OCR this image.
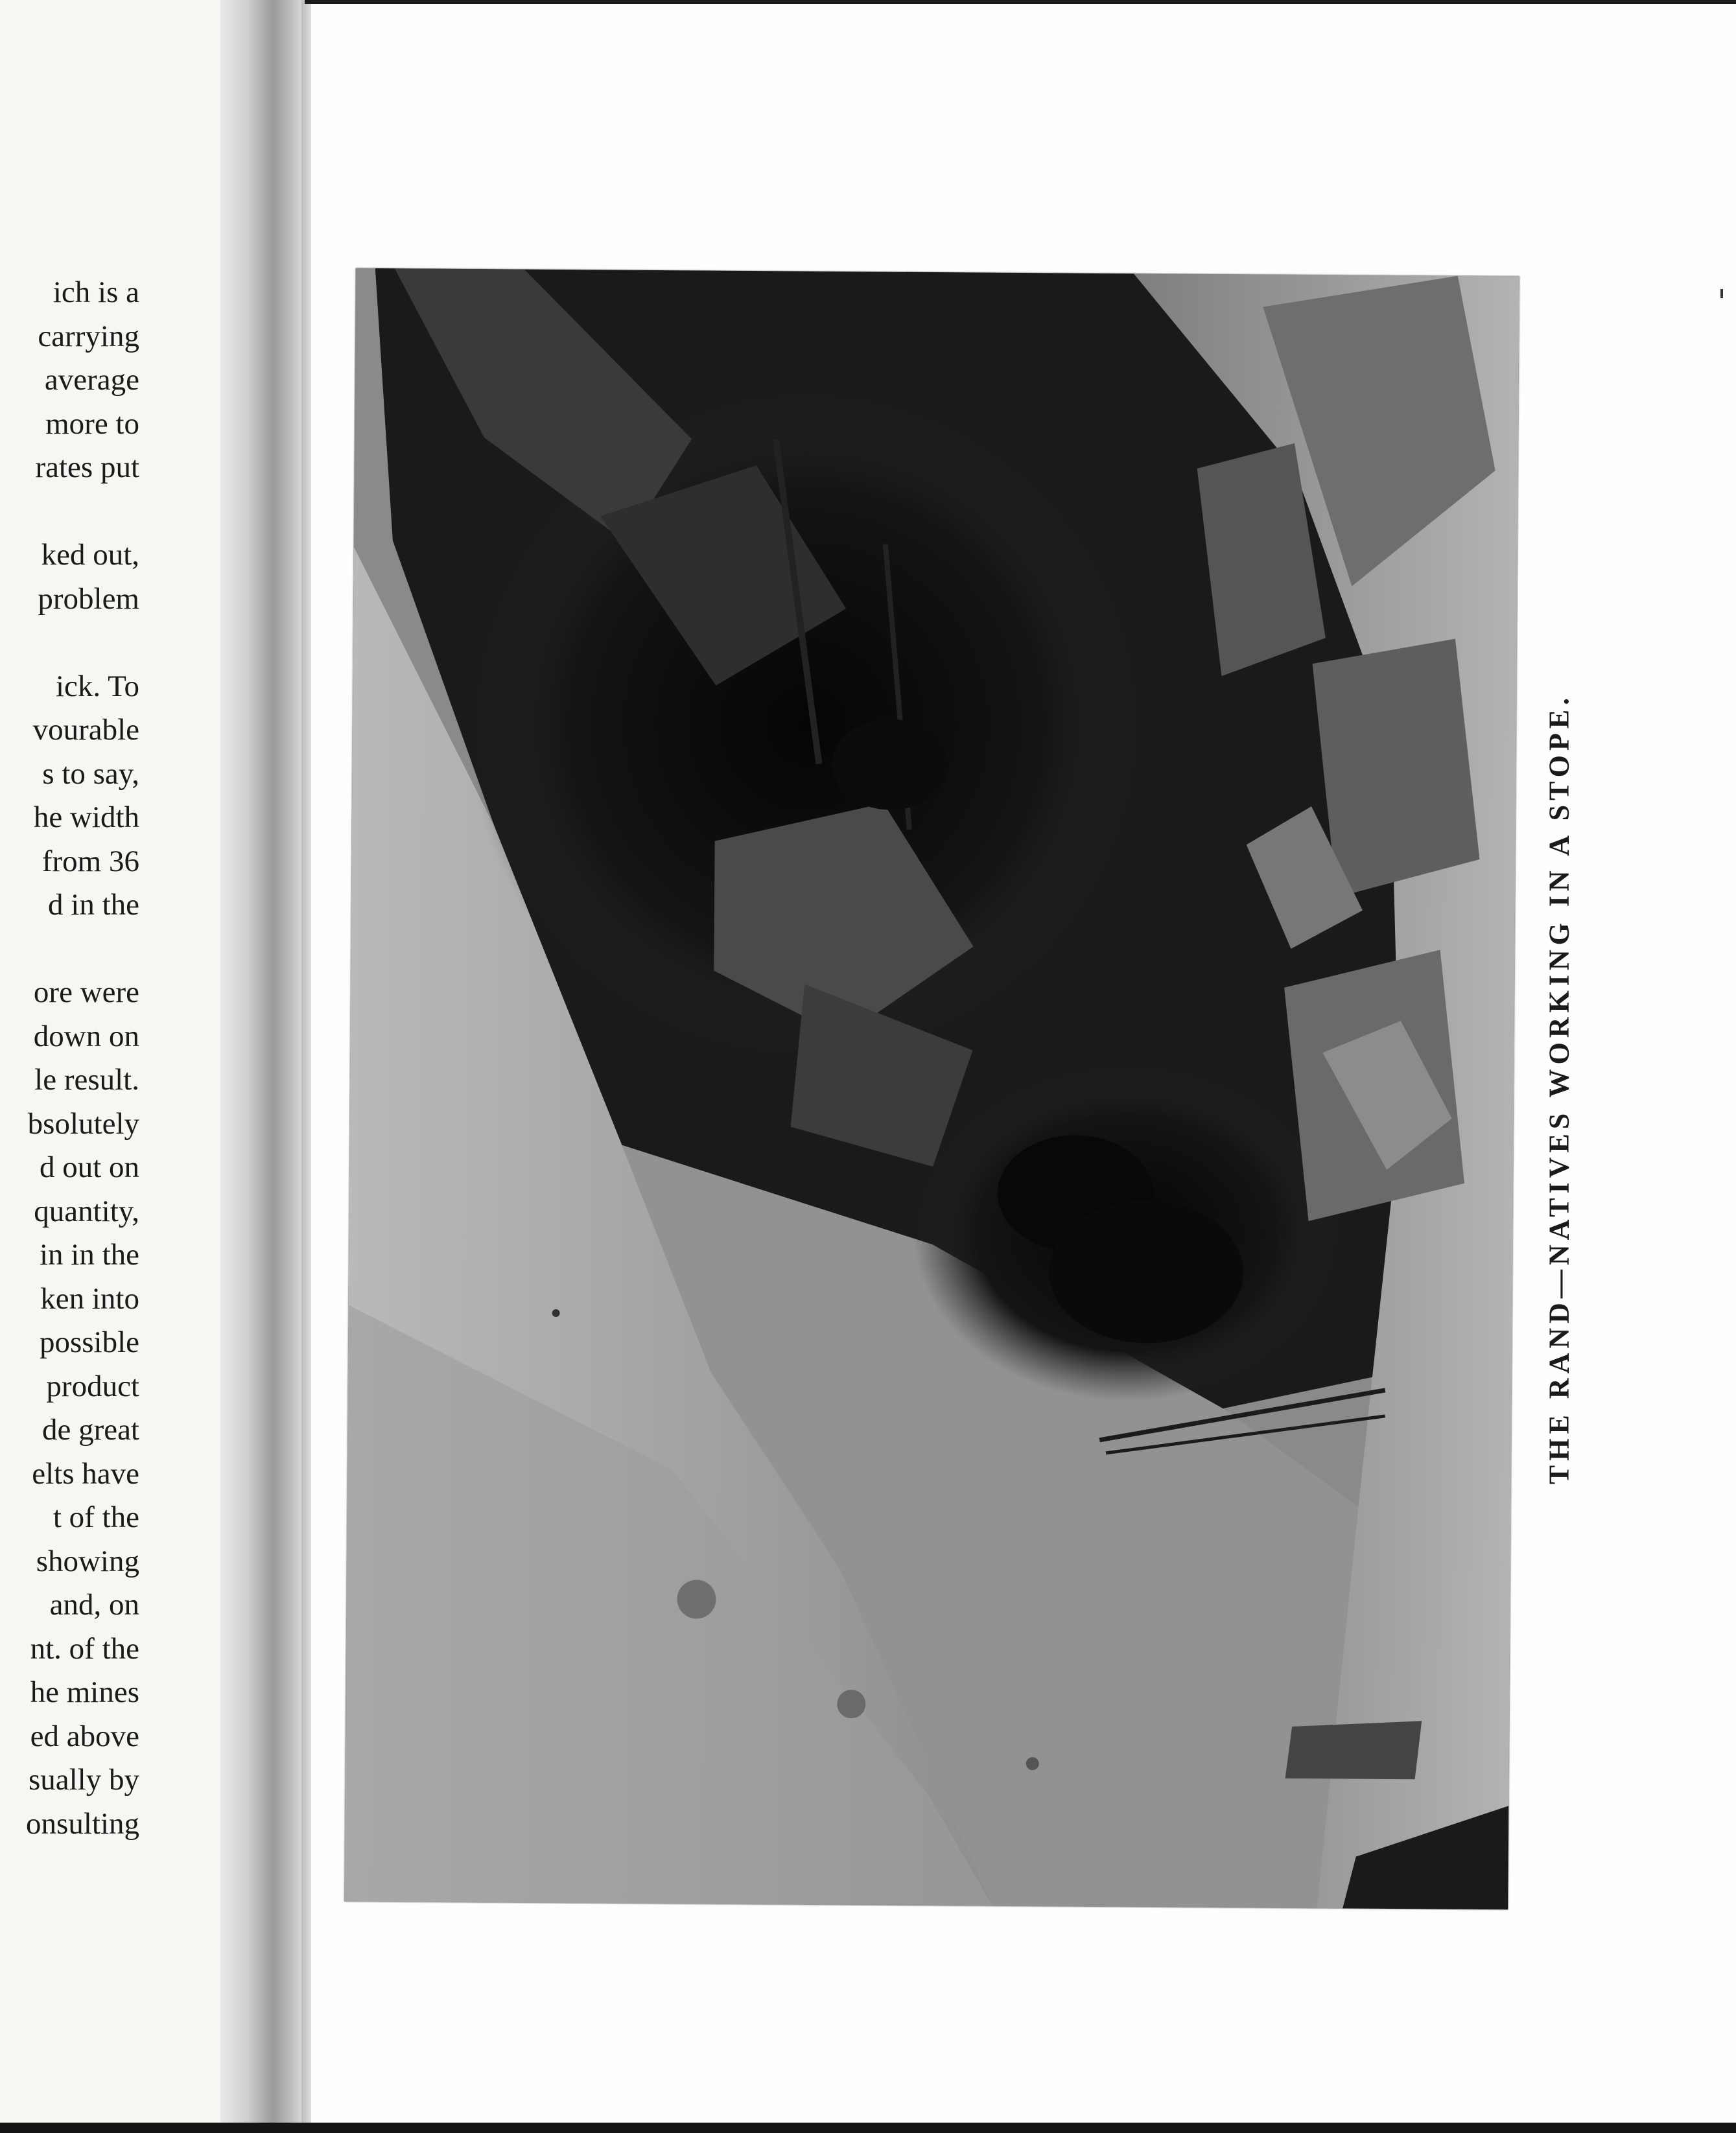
ich is a
carrying
average
more to
rates put
ked out,
problem
ick. To
vourable
s to say,
he width
from 36
d in the
ore were
down on
le result.
bsolutely
d out on
quantity,
in in the
ken into
possible
product
de great
elts have
t of the
showing
and, on
nt. of the
he mines
ed above
sually by
onsulting
THE RAND—NATIVES WORKING IN A STOPE.
